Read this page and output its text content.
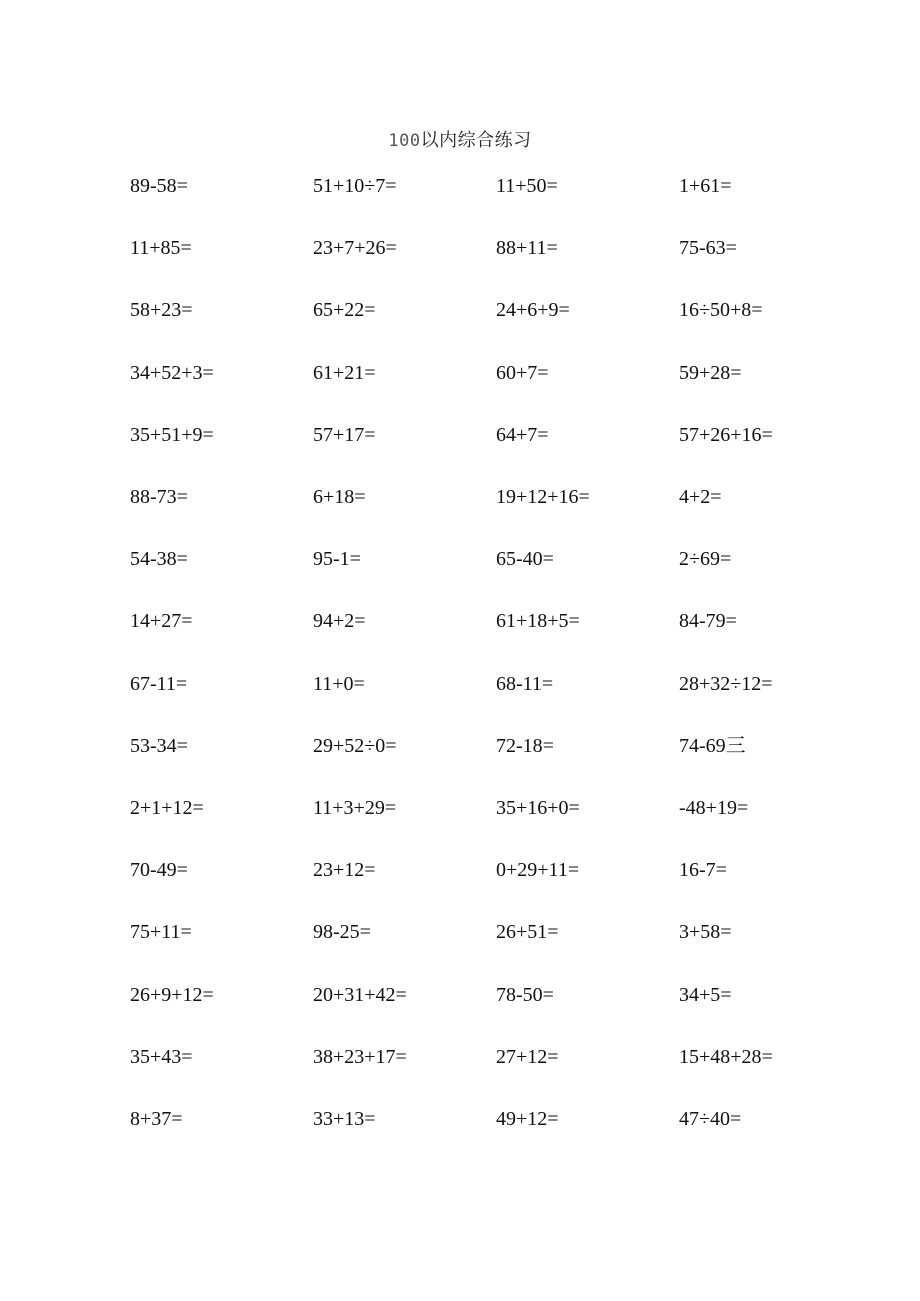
100以内综合练习
89-58=	51+10÷7=	11+50=	1+61=
11+85=	23+7+26=	88+11=	75-63=
58+23=	65+22=	24+6+9=	16÷50+8=
34+52+3=	61+21=	60+7=	59+28=
35+51+9=	57+17=	64+7=	57+26+16=
88-73=	6+18=	19+12+16=	4+2=
54-38=	95-1=	65-40=	2÷69=
14+27=	94+2=	61+18+5=	84-79=
67-11=	11+0=	68-11=	28+32÷12=
53-34=	29+52÷0=	72-18=	74-69三
2+1+12=	11+3+29=	35+16+0=	-48+19=
70-49=	23+12=	0+29+11=	16-7=
75+11=	98-25=	26+51=	3+58=
26+9+12=	20+31+42=	78-50=	34+5=
35+43=	38+23+17=	27+12=	15+48+28=
8+37=	33+13=	49+12=	47÷40=
